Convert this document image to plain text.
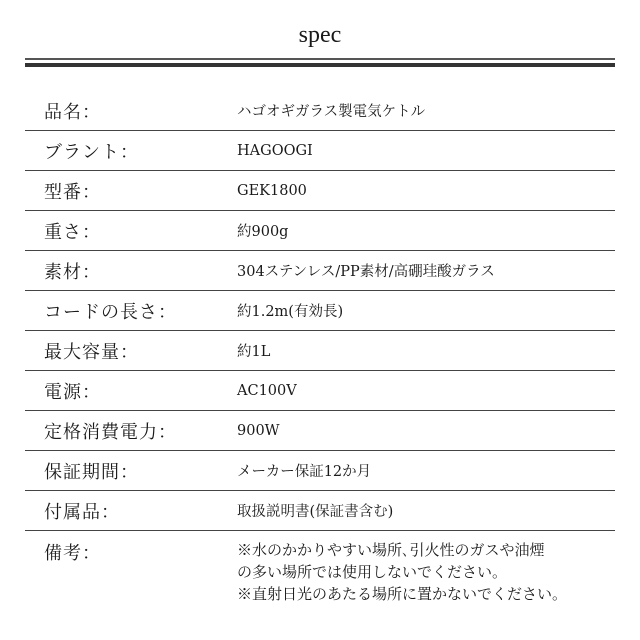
spec
品名：	ハゴオギガラス製電気ケトル
ブラント：	HAGOOGI
型番：	GEK1800
重さ：	約900g
素材：	304ステンレス/PP素材/高硼珪酸ガラス
コードの長さ：	約1.2m(有効長)
最大容量：	約1L
電源：	AC100V
定格消費電力：	900W
保証期間：	メーカー保証12か月
付属品：	取扱説明書(保証書含む)
備考：	※水のかかりやすい場所､引火性のガスや油煙
の多い場所では使用しないでください。
※直射日光のあたる場所に置かないでください。
